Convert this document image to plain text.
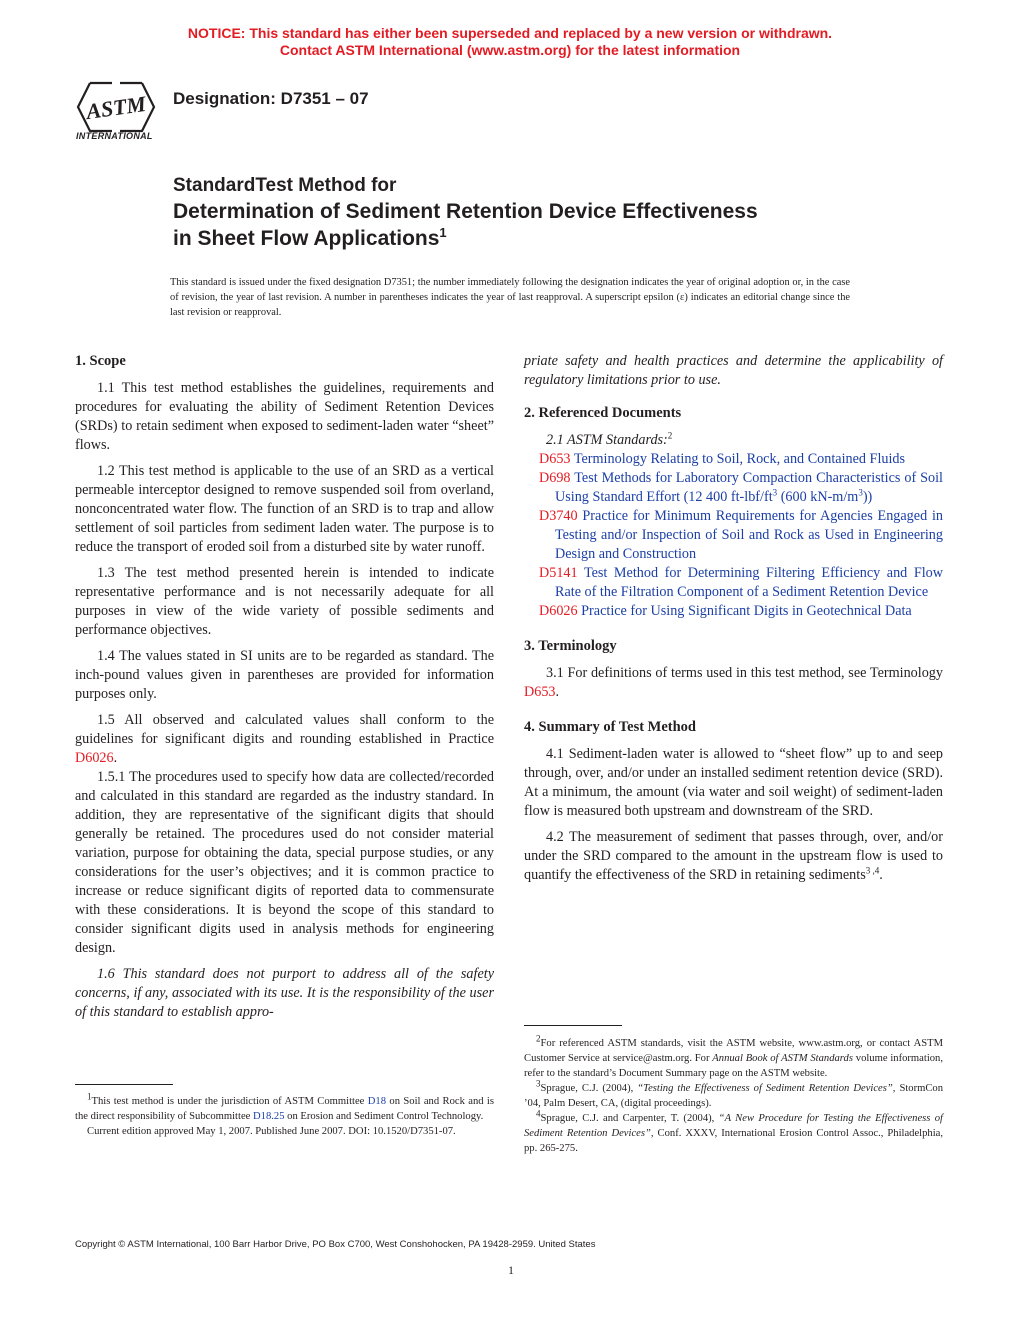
NOTICE: This standard has either been superseded and replaced by a new version or withdrawn.
Contact ASTM International (www.astm.org) for the latest information
ASTM
INTERNATIONAL
Designation: D7351 – 07
StandardTest Method for
Determination of Sediment Retention Device Effectiveness
in Sheet Flow Applications$^1$
This standard is issued under the fixed designation D7351; the number immediately following the designation indicates the year of original adoption or, in the case of revision, the year of last revision. A number in parentheses indicates the year of last reapproval. A superscript epsilon (ε) indicates an editorial change since the last revision or reapproval.
1. Scope

1.1 This test method establishes the guidelines, requirements and procedures for evaluating the ability of Sediment Retention Devices (SRDs) to retain sediment when exposed to sediment-laden water “sheet” flows.

1.2 This test method is applicable to the use of an SRD as a vertical permeable interceptor designed to remove suspended soil from overland, nonconcentrated water flow. The function of an SRD is to trap and allow settlement of soil particles from sediment laden water. The purpose is to reduce the transport of eroded soil from a disturbed site by water runoff.

1.3 The test method presented herein is intended to indicate representative performance and is not necessarily adequate for all purposes in view of the wide variety of possible sediments and performance objectives.

1.4 The values stated in SI units are to be regarded as standard. The inch-pound values given in parentheses are provided for information purposes only.

1.5 All observed and calculated values shall conform to the guidelines for significant digits and rounding established in Practice D6026.

1.5.1 The procedures used to specify how data are collected/recorded and calculated in this standard are regarded as the industry standard. In addition, they are representative of the significant digits that should generally be retained. The procedures used do not consider material variation, purpose for obtaining the data, special purpose studies, or any considerations for the user’s objectives; and it is common practice to increase or reduce significant digits of reported data to commensurate with these considerations. It is beyond the scope of this standard to consider significant digits used in analysis methods for engineering design.

1.6 This standard does not purport to address all of the safety concerns, if any, associated with its use. It is the responsibility of the user of this standard to establish appro-

$^1$This test method is under the jurisdiction of ASTM Committee D18 on Soil and Rock and is the direct responsibility of Subcommittee D18.25 on Erosion and Sediment Control Technology.

Current edition approved May 1, 2007. Published June 2007. DOI: 10.1520/D7351-07.

priate safety and health practices and determine the applicability of regulatory limitations prior to use.

2. Referenced Documents

2.1 ASTM Standards:$^2$

D653 Terminology Relating to Soil, Rock, and Contained Fluids
D698 Test Methods for Laboratory Compaction Characteristics of Soil Using Standard Effort (12 400 $ft-lbf/ft^3$ (600 $kN-m/m^3$))
D3740 Practice for Minimum Requirements for Agencies Engaged in Testing and/or Inspection of Soil and Rock as Used in Engineering Design and Construction
D5141 Test Method for Determining Filtering Efficiency and Flow Rate of the Filtration Component of a Sediment Retention Device
D6026 Practice for Using Significant Digits in Geotechnical Data
3. Terminology

3.1 For definitions of terms used in this test method, see Terminology D653.

4. Summary of Test Method

4.1 Sediment-laden water is allowed to “sheet flow” up to and seep through, over, and/or under an installed sediment retention device (SRD). At a minimum, the amount (via water and soil weight) of sediment-laden flow is measured both upstream and downstream of the SRD.

4.2 The measurement of sediment that passes through, over, and/or under the SRD compared to the amount in the upstream flow is used to quantify the effectiveness of the SRD in retaining sediments$^{3 ,4}$.

$^2$For referenced ASTM standards, visit the ASTM website, www.astm.org, or contact ASTM Customer Service at service@astm.org. For Annual Book of ASTM Standards volume information, refer to the standard’s Document Summary page on the ASTM website.

$^3$Sprague, C.J. (2004), “Testing the Effectiveness of Sediment Retention Devices”, StormCon ’04, Palm Desert, CA, (digital proceedings).

$^4$Sprague, C.J. and Carpenter, T. (2004), “A New Procedure for Testing the Effectiveness of Sediment Retention Devices”, Conf. XXXV, International Erosion Control Assoc., Philadelphia, pp. 265-275.

Copyright © ASTM International, 100 Barr Harbor Drive, PO Box C700, West Conshohocken, PA 19428-2959. United States
1
